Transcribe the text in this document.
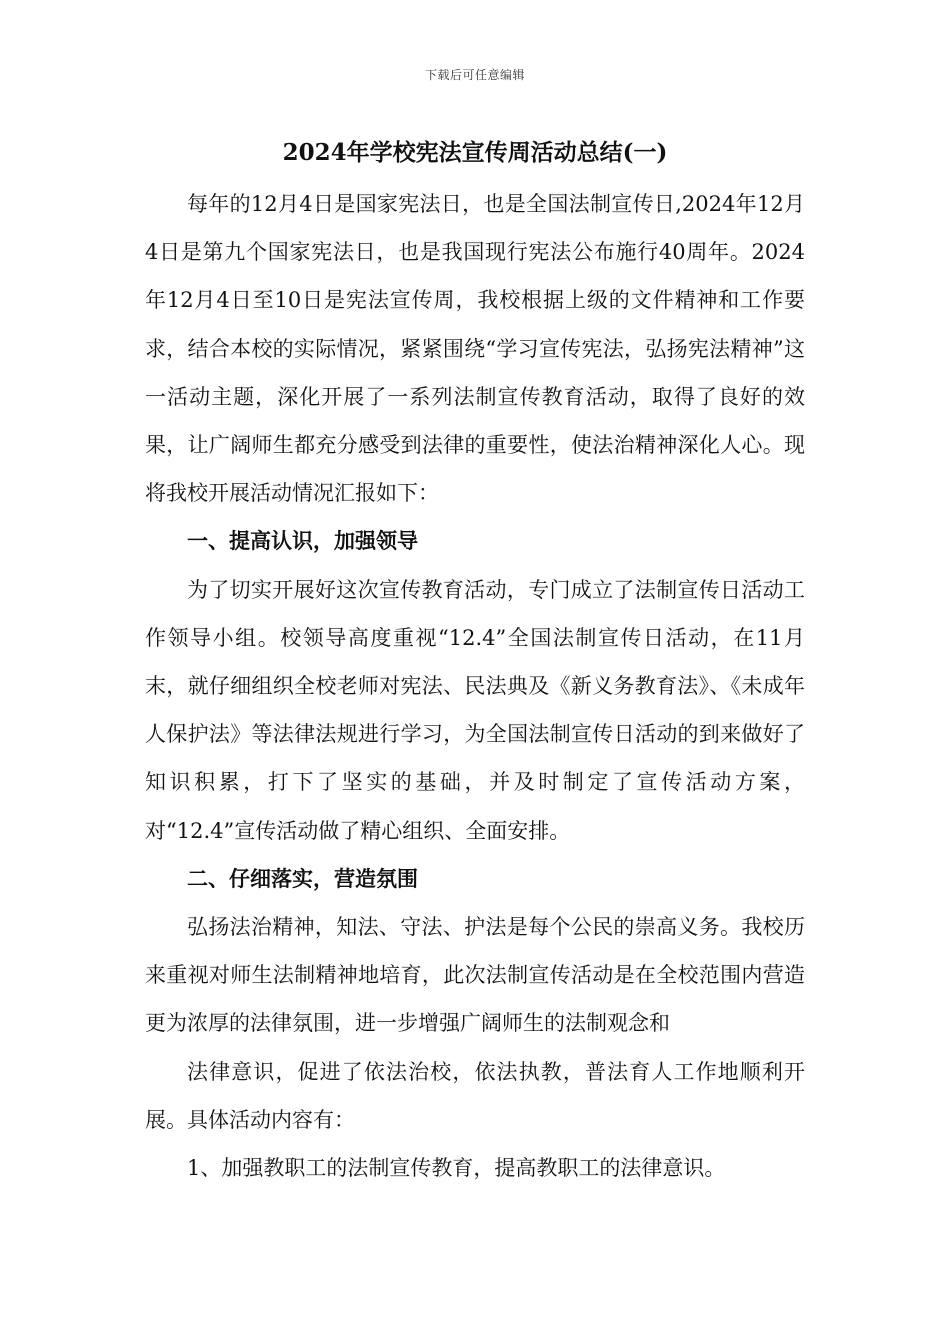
下载后可任意编辑
2024年学校宪法宣传周活动总结(一)

每年的12月4日是国家宪法日，也是全国法制宣传日,2024年12月4日是第九个国家宪法日，也是我国现行宪法公布施行40周年。2024年12月4日至10日是宪法宣传周，我校根据上级的文件精神和工作要求，结合本校的实际情况，紧紧围绕“学习宣传宪法，弘扬宪法精神”这一活动主题，深化开展了一系列法制宣传教育活动，取得了良好的效果，让广阔师生都充分感受到法律的重要性，使法治精神深化人心。现将我校开展活动情况汇报如下：

一、提高认识，加强领导

为了切实开展好这次宣传教育活动，专门成立了法制宣传日活动工作领导小组。校领导高度重视“12.4”全国法制宣传日活动，在11月末，就仔细组织全校老师对宪法、民法典及《新义务教育法》、《未成年人保护法》等法律法规进行学习，为全国法制宣传日活动的到来做好了知识积累，打下了坚实的基础，并及时制定了宣传活动方案，对“12.4”宣传活动做了精心组织、全面安排。

二、仔细落实，营造氛围

弘扬法治精神，知法、守法、护法是每个公民的崇高义务。我校历来重视对师生法制精神地培育，此次法制宣传活动是在全校范围内营造更为浓厚的法律氛围，进一步增强广阔师生的法制观念和

法律意识，促进了依法治校，依法执教，普法育人工作地顺利开展。具体活动内容有：

1、加强教职工的法制宣传教育，提高教职工的法律意识。
